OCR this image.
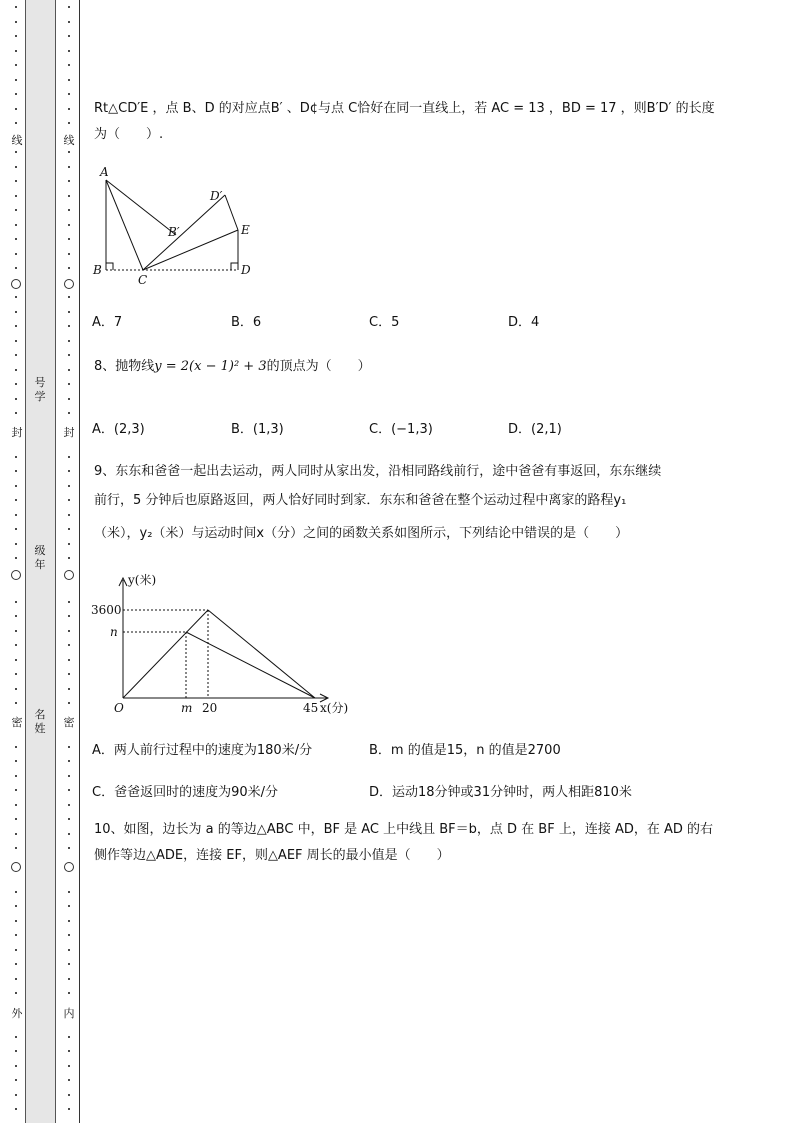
线
封
密
外
线
封
密
内
号学
级年
名姓
Rt△CD′E ，点 B、D 的对应点B′ 、D¢与点 C恰好在同一直线上，若 AC = 13 ，BD = 17 ，则B′D′ 的长度
为（　　）.
A
B
C
D
E
B′
D′
A．7	B．6	C．5	D．4
8、抛物线y = 2(x − 1)² + 3的顶点为（　　）
A．(2,3)	B．(1,3)	C．(−1,3)	D．(2,1)
9、东东和爸爸一起出去运动，两人同时从家出发，沿相同路线前行，途中爸爸有事返回，东东继续
前行，5 分钟后也原路返回，两人恰好同时到家．东东和爸爸在整个运动过程中离家的路程y₁
（米），y₂（米）与运动时间x（分）之间的函数关系如图所示，下列结论中错误的是（　　）
y(米)
3600
n
O	m 20	45 x(分)
A．两人前行过程中的速度为180米/分	B．m 的值是15，n 的值是2700
C．爸爸返回时的速度为90米/分	D．运动18分钟或31分钟时，两人相距810米
10、如图，边长为 a 的等边△ABC 中，BF 是 AC 上中线且 BF＝b，点 D 在 BF 上，连接 AD，在 AD 的右
侧作等边△ADE，连接 EF，则△AEF 周长的最小值是（　　）
